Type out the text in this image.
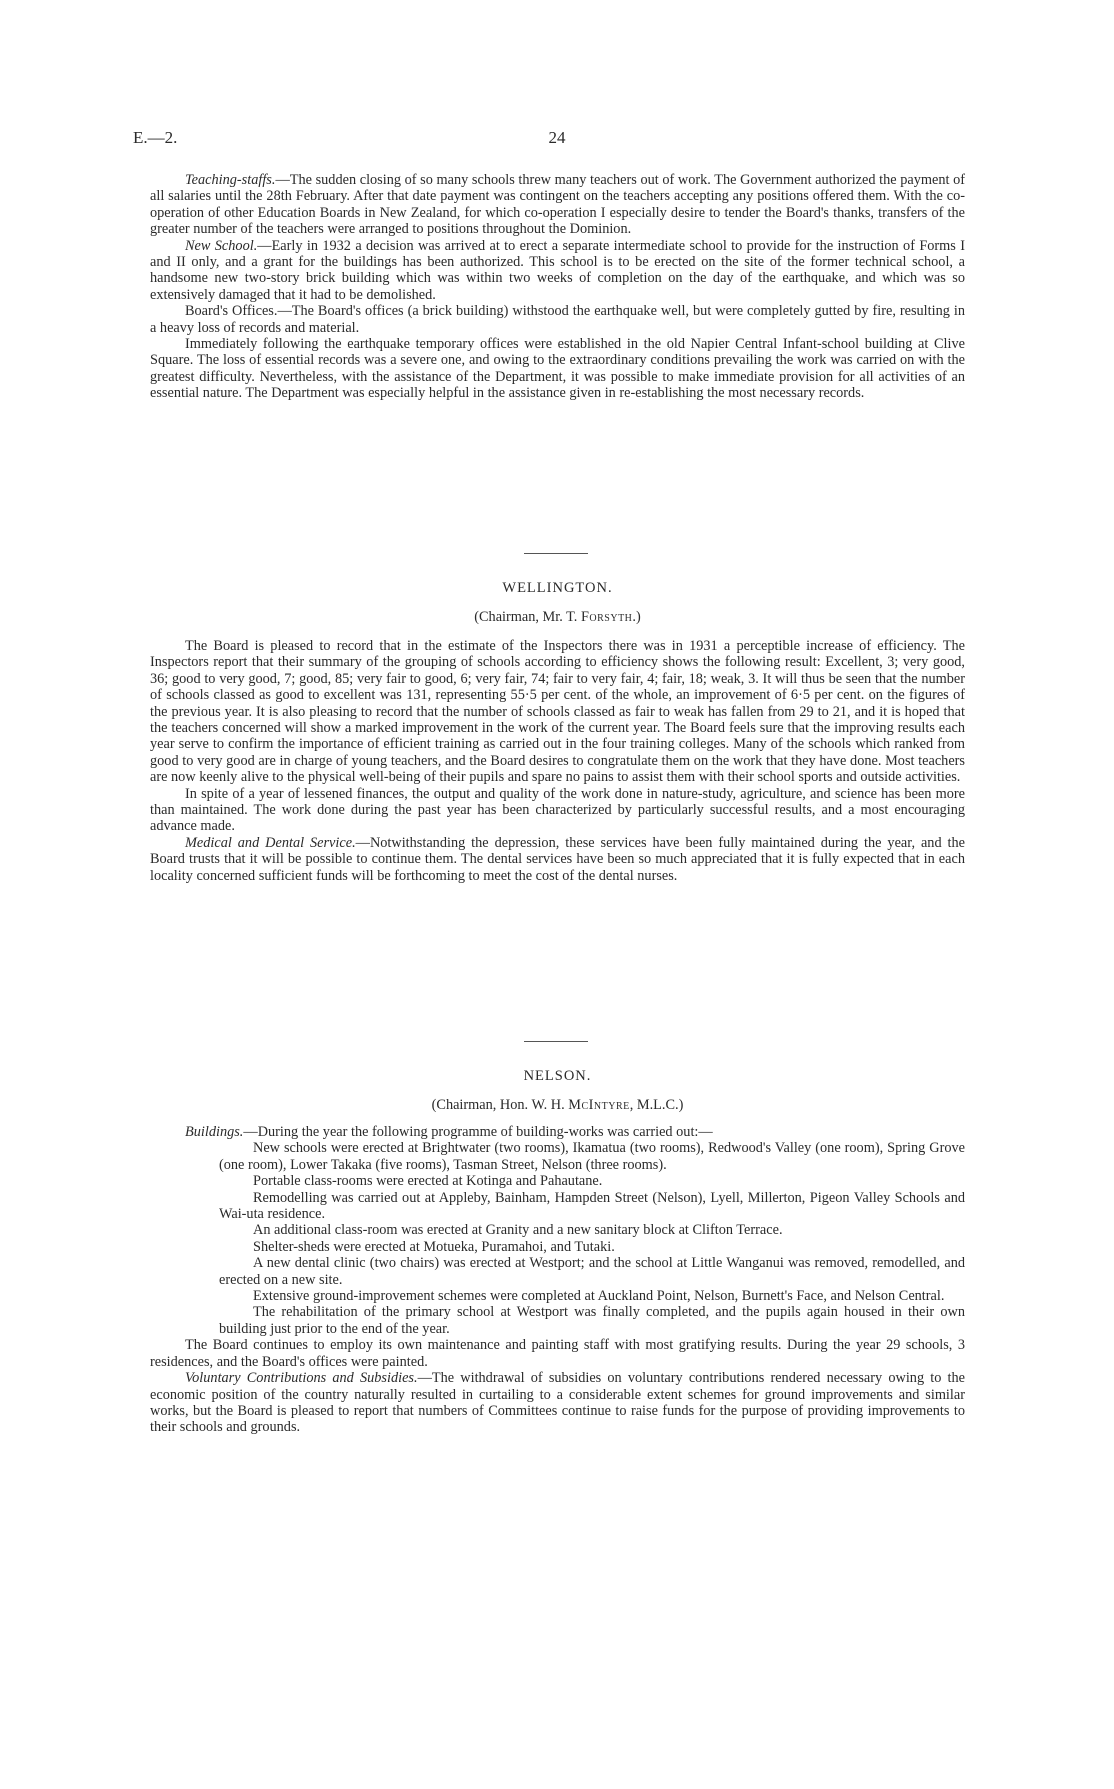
E.—2.	24

Teaching-staffs.—The sudden closing of so many schools threw many teachers out of work. The Government authorized the payment of all salaries until the 28th February. After that date payment was contingent on the teachers accepting any positions offered them. With the co-operation of other Education Boards in New Zealand, for which co-operation I especially desire to tender the Board's thanks, transfers of the greater number of the teachers were arranged to positions throughout the Dominion.

New School.—Early in 1932 a decision was arrived at to erect a separate intermediate school to provide for the instruction of Forms I and II only, and a grant for the buildings has been authorized. This school is to be erected on the site of the former technical school, a handsome new two-story brick building which was within two weeks of completion on the day of the earthquake, and which was so extensively damaged that it had to be demolished.

Board's Offices.—The Board's offices (a brick building) withstood the earthquake well, but were completely gutted by fire, resulting in a heavy loss of records and material.

Immediately following the earthquake temporary offices were established in the old Napier Central Infant-school building at Clive Square. The loss of essential records was a severe one, and owing to the extraordinary conditions prevailing the work was carried on with the greatest difficulty. Nevertheless, with the assistance of the Department, it was possible to make immediate provision for all activities of an essential nature. The Department was especially helpful in the assistance given in re-establishing the most necessary records.

WELLINGTON.
(Chairman, Mr. T. Forsyth.)

The Board is pleased to record that in the estimate of the Inspectors there was in 1931 a perceptible increase of efficiency. The Inspectors report that their summary of the grouping of schools according to efficiency shows the following result: Excellent, 3; very good, 36; good to very good, 7; good, 85; very fair to good, 6; very fair, 74; fair to very fair, 4; fair, 18; weak, 3. It will thus be seen that the number of schools classed as good to excellent was 131, representing 55·5 per cent. of the whole, an improvement of 6·5 per cent. on the figures of the previous year. It is also pleasing to record that the number of schools classed as fair to weak has fallen from 29 to 21, and it is hoped that the teachers concerned will show a marked improvement in the work of the current year. The Board feels sure that the improving results each year serve to confirm the importance of efficient training as carried out in the four training colleges. Many of the schools which ranked from good to very good are in charge of young teachers, and the Board desires to congratulate them on the work that they have done. Most teachers are now keenly alive to the physical well-being of their pupils and spare no pains to assist them with their school sports and outside activities.

In spite of a year of lessened finances, the output and quality of the work done in nature-study, agriculture, and science has been more than maintained. The work done during the past year has been characterized by particularly successful results, and a most encouraging advance made.

Medical and Dental Service.—Notwithstanding the depression, these services have been fully maintained during the year, and the Board trusts that it will be possible to continue them. The dental services have been so much appreciated that it is fully expected that in each locality concerned sufficient funds will be forthcoming to meet the cost of the dental nurses.

NELSON.
(Chairman, Hon. W. H. McIntyre, M.L.C.)

Buildings.—During the year the following programme of building-works was carried out:—

New schools were erected at Brightwater (two rooms), Ikamatua (two rooms), Redwood's Valley (one room), Spring Grove (one room), Lower Takaka (five rooms), Tasman Street, Nelson (three rooms).

Portable class-rooms were erected at Kotinga and Pahautane.

Remodelling was carried out at Appleby, Bainham, Hampden Street (Nelson), Lyell, Millerton, Pigeon Valley Schools and Wai-uta residence.

An additional class-room was erected at Granity and a new sanitary block at Clifton Terrace.

Shelter-sheds were erected at Motueka, Puramahoi, and Tutaki.

A new dental clinic (two chairs) was erected at Westport; and the school at Little Wanganui was removed, remodelled, and erected on a new site.

Extensive ground-improvement schemes were completed at Auckland Point, Nelson, Burnett's Face, and Nelson Central.

The rehabilitation of the primary school at Westport was finally completed, and the pupils again housed in their own building just prior to the end of the year.

The Board continues to employ its own maintenance and painting staff with most gratifying results. During the year 29 schools, 3 residences, and the Board's offices were painted.

Voluntary Contributions and Subsidies.—The withdrawal of subsidies on voluntary contributions rendered necessary owing to the economic position of the country naturally resulted in curtailing to a considerable extent schemes for ground improvements and similar works, but the Board is pleased to report that numbers of Committees continue to raise funds for the purpose of providing improvements to their schools and grounds.
